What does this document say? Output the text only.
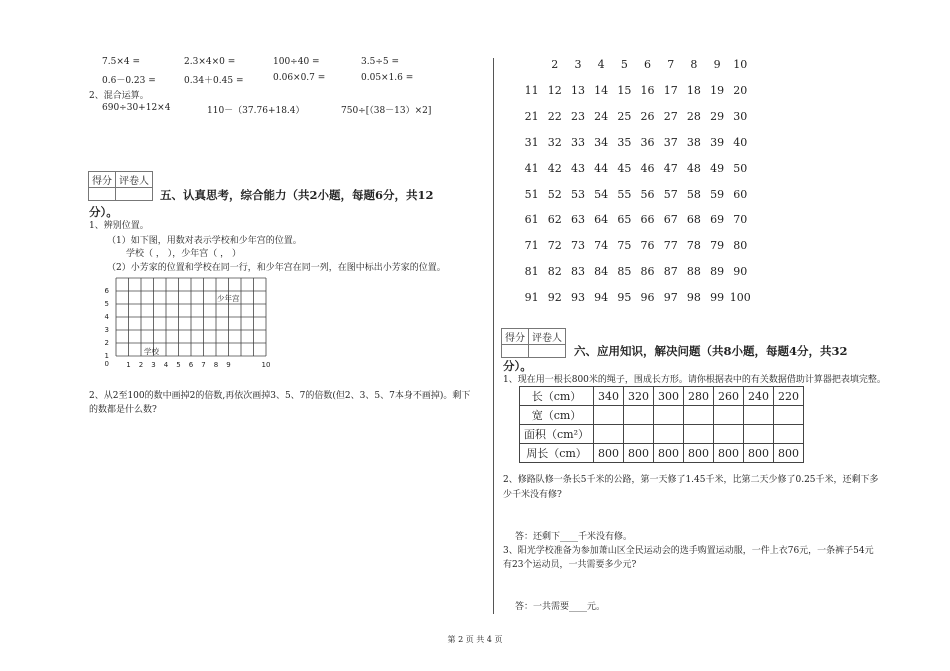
7.5×4 =	2.3×4×0 =	100÷40 =	3.5÷5 =
0.6－0.23 =	0.34＋0.45 =	0.06×0.7 =	0.05×1.6 =
2、混合运算。
690÷30+12×4	110－（37.76+18.4）	750÷[（38－13）×2]
得分	评卷人

五、认真思考，综合能力（共2小题，每题6分，共12
分）。
1、辨别位置。
（1）如下图，用数对表示学校和少年宫的位置。
学校（ ， ），少年宫（ ， ）
（2）小芳家的位置和学校在同一行，和少年宫在同一列，在图中标出小芳家的位置。
6
5
4
3
2
1
0 1 2 3 4 5 6 7 8 9	10
学校
少年宫
2、从2至100的数中画掉2的倍数,再依次画掉3、5、7的倍数(但2、3、5、7本身不画掉)。剩下
的数都是什么数?
2	3	4	5	6	7	8	9	10
11 12 13 14 15 16 17 18 19 20
21 22 23 24 25 26 27 28 29 30
31 32 33 34 35 36 37 38 39 40
41 42 43 44 45 46 47 48 49 50
51 52 53 54 55 56 57 58 59 60
61 62 63 64 65 66 67 68 69 70
71 72 73 74 75 76 77 78 79 80
81 82 83 84 85 86 87 88 89 90
91 92 93 94 95 96 97 98 99 100
得分	评卷人

六、应用知识，解决问题（共8小题，每题4分，共32
分）。
1、现在用一根长800米的绳子，围成长方形。请你根据表中的有关数据借助计算器把表填完整。
长（cm）	340	320	300	280	260	240	220
宽（cm）							
面积（cm²）							
周长（cm）	800	800	800	800	800	800	800
2、修路队修一条长5千米的公路，第一天修了1.45千米，比第二天少修了0.25千米，还剩下多
少千米没有修?
答：还剩下____千米没有修。
3、阳光学校准备为参加萧山区全民运动会的选手购置运动服，一件上衣76元，一条裤子54元
有23个运动员，一共需要多少元?
答：一共需要____元。
第 2 页 共 4 页
